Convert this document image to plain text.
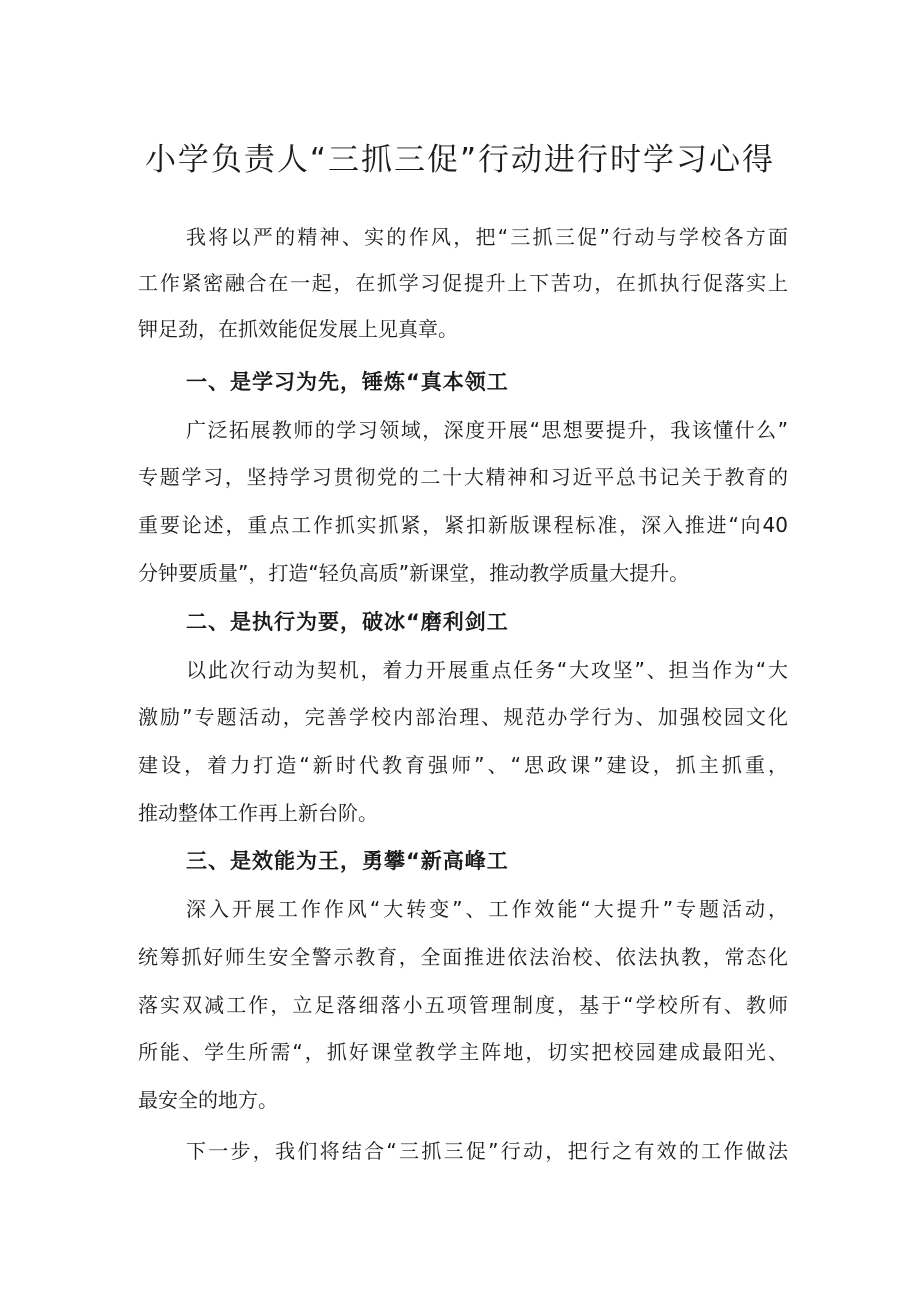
小学负责人“三抓三促”行动进行时学习心得
我将以严的精神、实的作风，把“三抓三促”行动与学校各方面
工作紧密融合在一起，在抓学习促提升上下苦功，在抓执行促落实上
钾足劲，在抓效能促发展上见真章。
一、是学习为先，锤炼“真本领工
广泛拓展教师的学习领域，深度开展“思想要提升，我该懂什么”
专题学习，坚持学习贯彻党的二十大精神和习近平总书记关于教育的
重要论述，重点工作抓实抓紧，紧扣新版课程标准，深入推进“向40
分钟要质量”，打造“轻负高质”新课堂，推动教学质量大提升。
二、是执行为要，破冰“磨利剑工
以此次行动为契机，着力开展重点任务“大攻坚”、担当作为“大
激励”专题活动，完善学校内部治理、规范办学行为、加强校园文化
建设，着力打造“新时代教育强师”、“思政课”建设，抓主抓重，
推动整体工作再上新台阶。
三、是效能为王，勇攀“新高峰工
深入开展工作作风“大转变”、工作效能“大提升”专题活动，
统筹抓好师生安全警示教育，全面推进依法治校、依法执教，常态化
落实双减工作，立足落细落小五项管理制度，基于“学校所有、教师
所能、学生所需“，抓好课堂教学主阵地，切实把校园建成最阳光、
最安全的地方。
下一步，我们将结合“三抓三促”行动，把行之有效的工作做法
